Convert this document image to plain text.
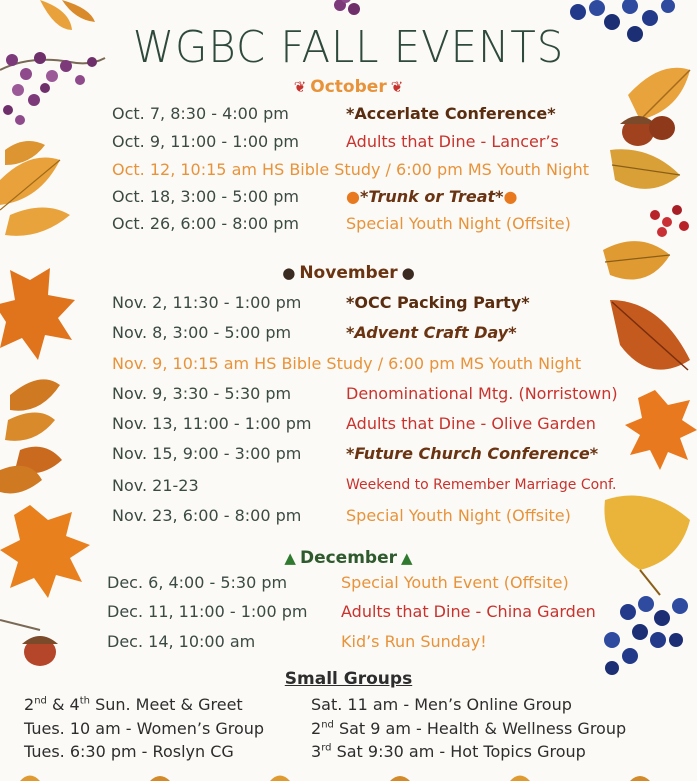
WGBC FALL EVENTS
❦ October ❦
Oct. 7, 8:30 - 4:00 pm	*Accerlate Conference*
Oct. 9, 11:00 - 1:00 pm	Adults that Dine - Lancer’s
Oct. 12, 10:15 am HS Bible Study / 6:00 pm MS Youth Night
Oct. 18, 3:00 - 5:00 pm	●*Trunk or Treat*●
Oct. 26, 6:00 - 8:00 pm	Special Youth Night (Offsite)
● November ●
Nov. 2, 11:30 - 1:00 pm	*OCC Packing Party*
Nov. 8, 3:00 - 5:00 pm	*Advent Craft Day*
Nov. 9, 10:15 am HS Bible Study / 6:00 pm MS Youth Night
Nov. 9, 3:30 - 5:30 pm	Denominational Mtg. (Norristown)
Nov. 13, 11:00 - 1:00 pm Adults that Dine - Olive Garden
Nov. 15, 9:00 - 3:00 pm	*Future Church Conference*
Nov. 21-23	Weekend to Remember Marriage Conf.
Nov. 23, 6:00 - 8:00 pm	Special Youth Night (Offsite)
▲ December ▲
Dec. 6, 4:00 - 5:30 pm	Special Youth Event (Offsite)
Dec. 11, 11:00 - 1:00 pm Adults that Dine - China Garden
Dec. 14, 10:00 am	Kid’s Run Sunday!
Small Groups
2nd & 4th Sun. Meet & Greet
Tues. 10 am - Women’s Group
Tues. 6:30 pm - Roslyn CG
Sat. 11 am - Men’s Online Group
2nd Sat 9 am - Health & Wellness Group
3rd Sat 9:30 am - Hot Topics Group
